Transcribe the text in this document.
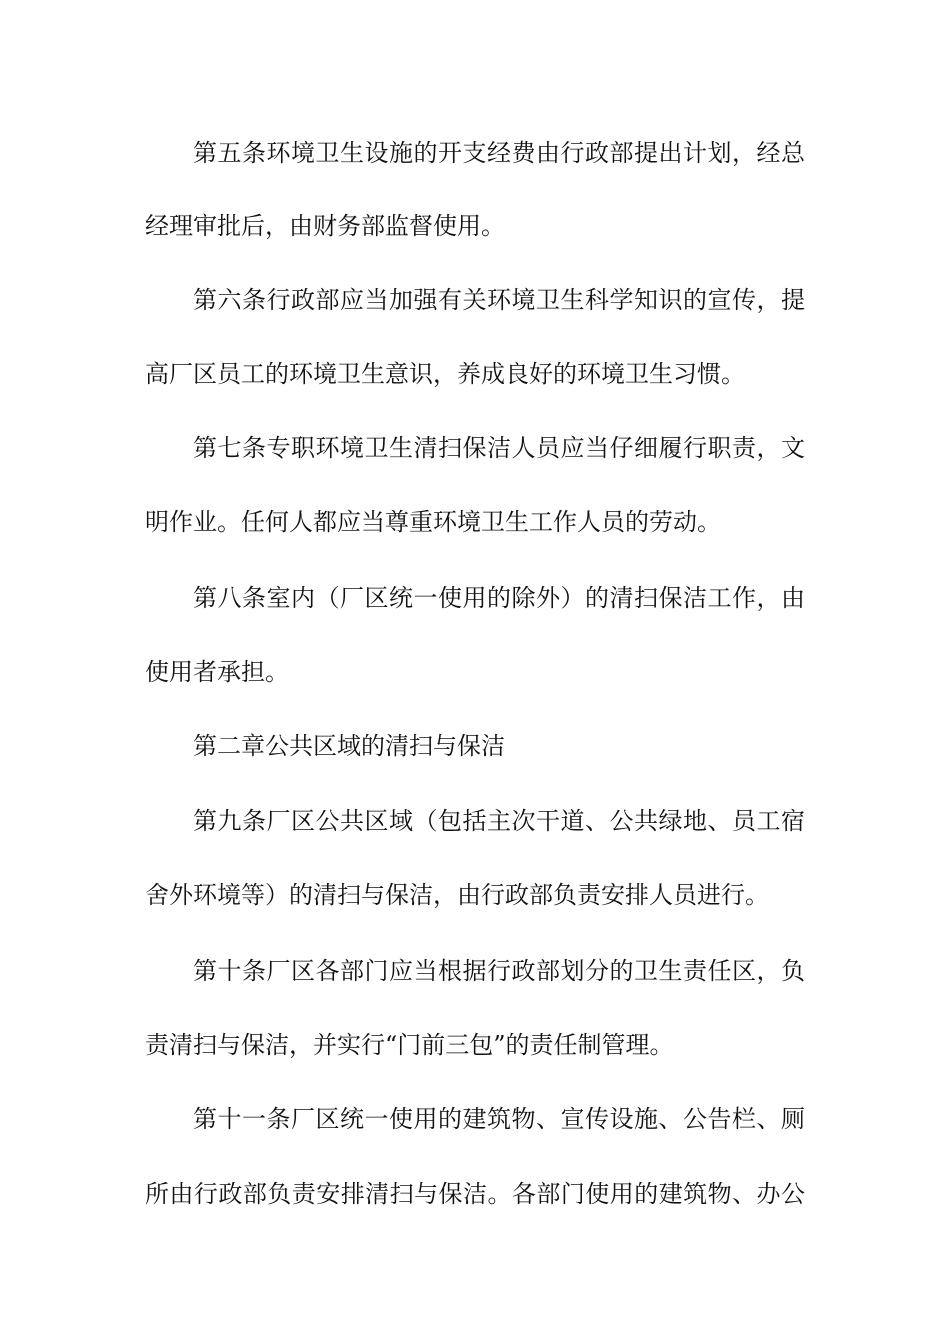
第五条环境卫生设施的开支经费由行政部提出计划，经总

经理审批后，由财务部监督使用。

第六条行政部应当加强有关环境卫生科学知识的宣传，提

高厂区员工的环境卫生意识，养成良好的环境卫生习惯。

第七条专职环境卫生清扫保洁人员应当仔细履行职责，文

明作业。任何人都应当尊重环境卫生工作人员的劳动。

第八条室内（厂区统一使用的除外）的清扫保洁工作，由

使用者承担。

第二章公共区域的清扫与保洁

第九条厂区公共区域（包括主次干道、公共绿地、员工宿

舍外环境等）的清扫与保洁，由行政部负责安排人员进行。

第十条厂区各部门应当根据行政部划分的卫生责任区，负

责清扫与保洁，并实行“门前三包”的责任制管理。

第十一条厂区统一使用的建筑物、宣传设施、公告栏、厕

所由行政部负责安排清扫与保洁。各部门使用的建筑物、办公
